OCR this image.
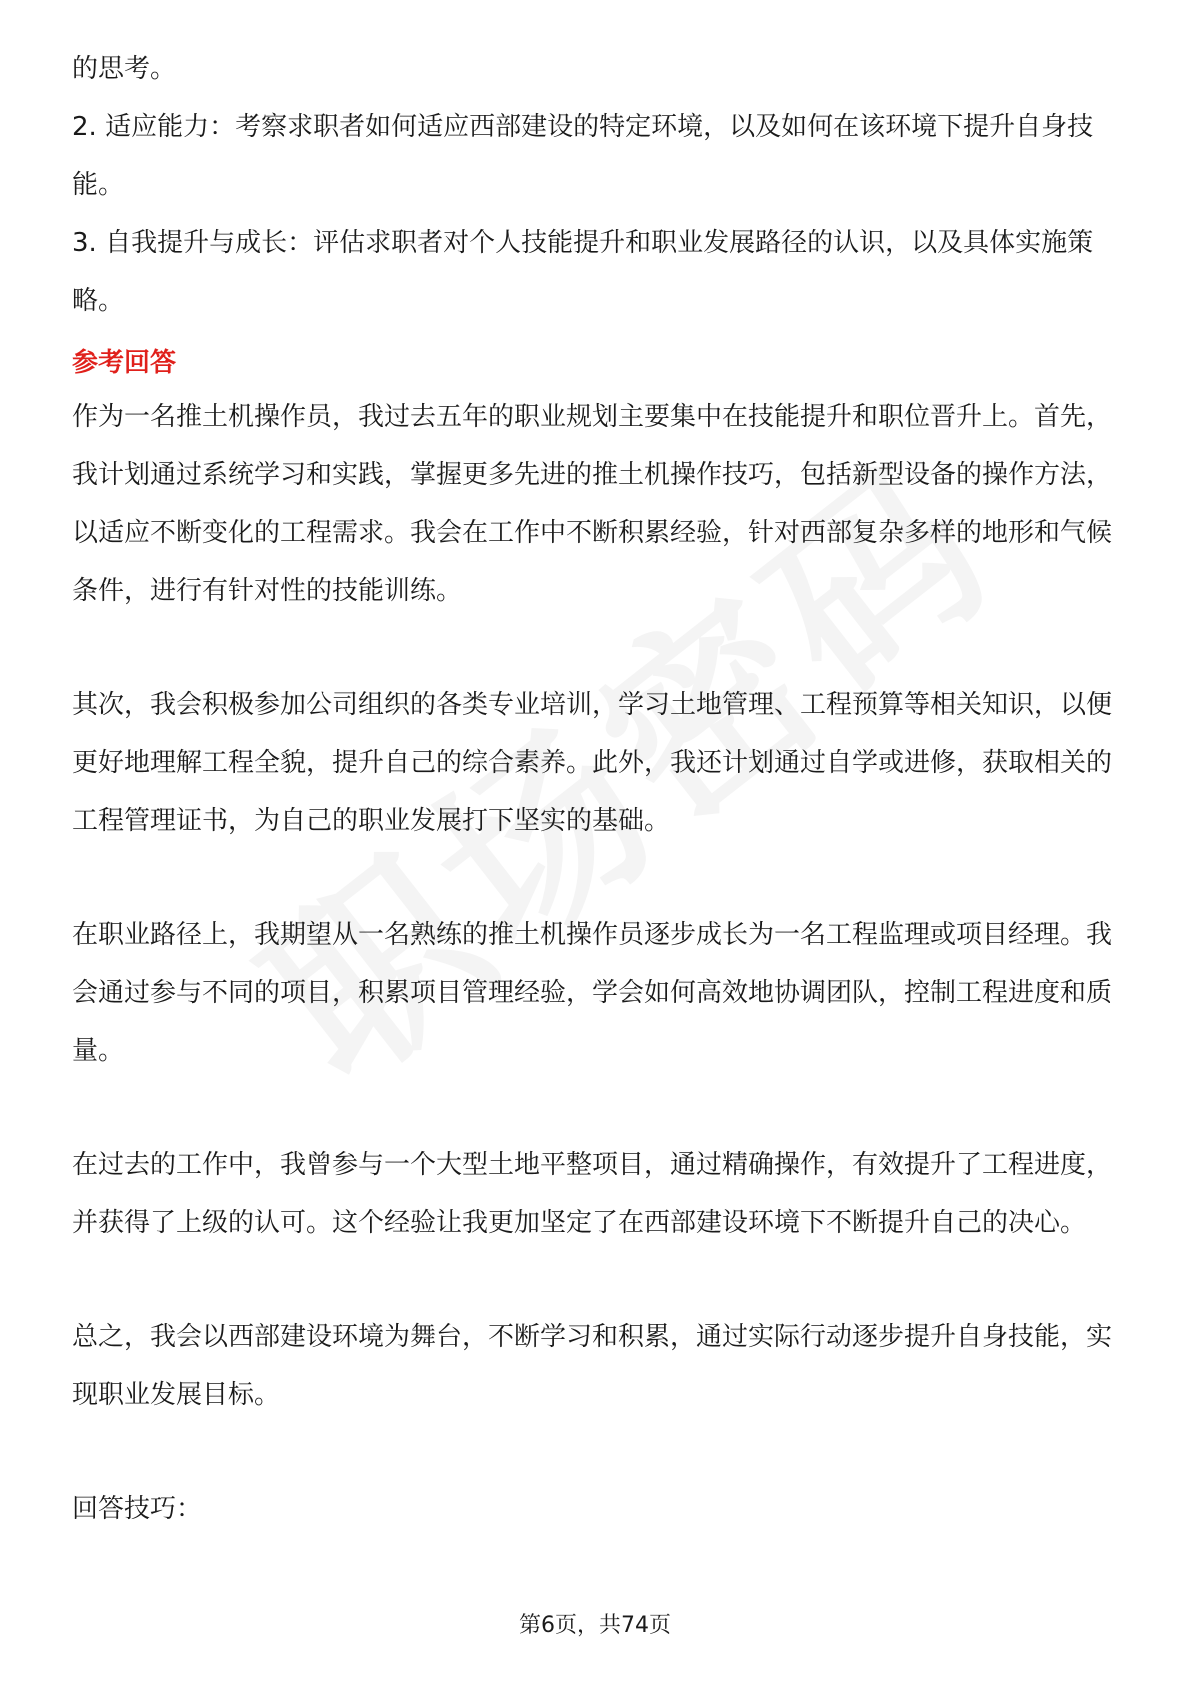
的思考。

2. 适应能力：考察求职者如何适应西部建设的特定环境，以及如何在该环境下提升自身技能。

3. 自我提升与成长：评估求职者对个人技能提升和职业发展路径的认识，以及具体实施策略。

参考回答

作为一名推土机操作员，我过去五年的职业规划主要集中在技能提升和职位晋升上。首先，我计划通过系统学习和实践，掌握更多先进的推土机操作技巧，包括新型设备的操作方法，以适应不断变化的工程需求。我会在工作中不断积累经验，针对西部复杂多样的地形和气候条件，进行有针对性的技能训练。

其次，我会积极参加公司组织的各类专业培训，学习土地管理、工程预算等相关知识，以便更好地理解工程全貌，提升自己的综合素养。此外，我还计划通过自学或进修，获取相关的工程管理证书，为自己的职业发展打下坚实的基础。

在职业路径上，我期望从一名熟练的推土机操作员逐步成长为一名工程监理或项目经理。我会通过参与不同的项目，积累项目管理经验，学会如何高效地协调团队，控制工程进度和质量。

在过去的工作中，我曾参与一个大型土地平整项目，通过精确操作，有效提升了工程进度，并获得了上级的认可。这个经验让我更加坚定了在西部建设环境下不断提升自己的决心。

总之，我会以西部建设环境为舞台，不断学习和积累，通过实际行动逐步提升自身技能，实现职业发展目标。

回答技巧：

第6页，共74页
